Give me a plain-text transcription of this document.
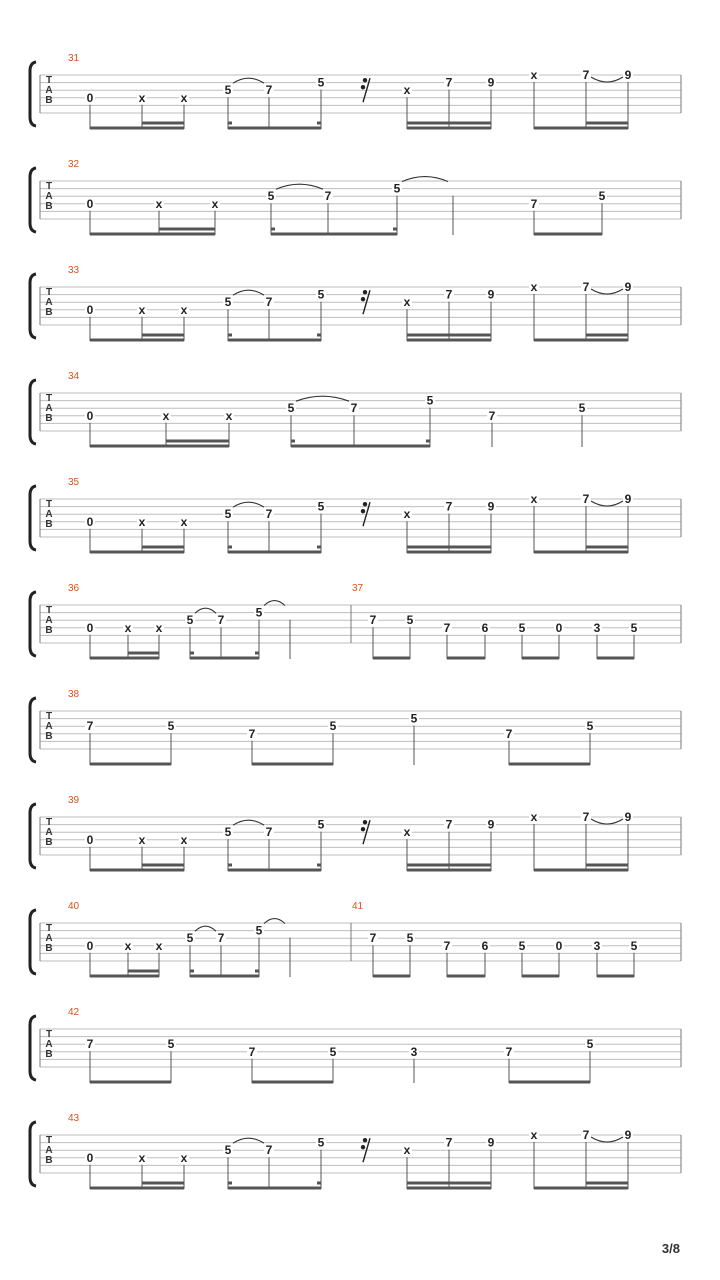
T
A
B
31
0	x	x
5	7
5
x
7	9
x	7	9
T
A
B
32
0	x	x
5	7
5
7
5
T
A
B
33
0	x	x
5	7
5
x
7	9
x	7	9
T
A
B
34
0	x	x
5	7
5
7
5
T
A
B
35
0	x	x
5	7
5
x
7	9
x	7	9
T
A
B
36
0	x x
5 7
5
37
7	5
7	6	5	0	3	5
T
A
B
38
7	5
7
5
5
7
5
T
A
B
39
0	x	x
5	7
5
x
7	9
x	7	9
T
A
B
40
0	x x
5 7
5
41
7	5
7	6	5	0	3	5
T
A
B
42
7	5
7	5	3	7
5
T
A
B
43
0	x	x
5	7
5
x
7	9
x	7	9
3/8
